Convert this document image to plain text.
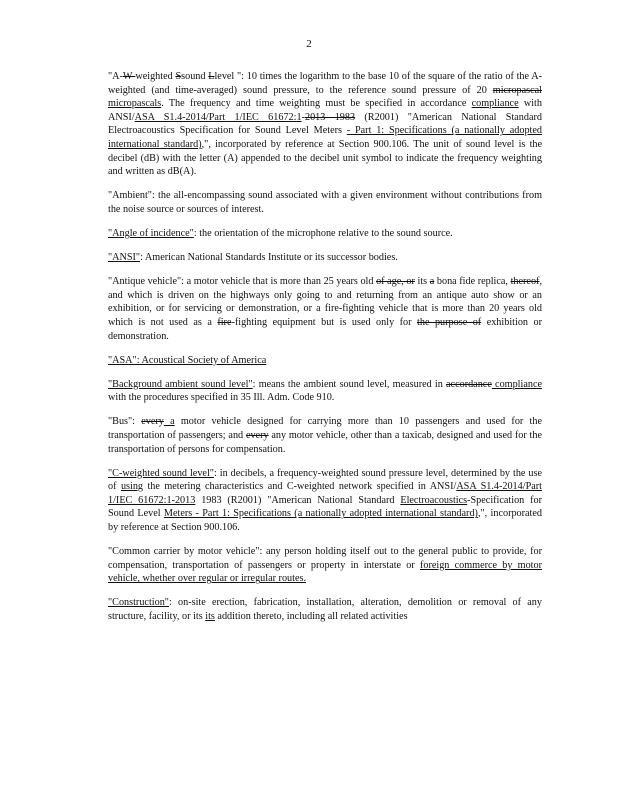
2

"A-W-weighted Ssound Llevel ": 10 times the logarithm to the base 10 of the square of the ratio of the A-weighted (and time-averaged) sound pressure, to the reference sound pressure of 20 micropascal micropascals. The frequency and time weighting must be specified in accordance compliance with ANSI/ASA S1.4-2014/Part 1/IEC 61672:1-2013 1983 (R2001) "American National Standard Electroacoustics Specification for Sound Level Meters - Part 1: Specifications (a nationally adopted international standard),", incorporated by reference at Section 900.106. The unit of sound level is the decibel (dB) with the letter (A) appended to the decibel unit symbol to indicate the frequency weighting and written as dB(A).

"Ambient": the all-encompassing sound associated with a given environment without contributions from the noise source or sources of interest.

"Angle of incidence": the orientation of the microphone relative to the sound source.

"ANSI": American National Standards Institute or its successor bodies.

"Antique vehicle": a motor vehicle that is more than 25 years old of age, or its a bona fide replica, thereof, and which is driven on the highways only going to and returning from an antique auto show or an exhibition, or for servicing or demonstration, or a fire-fighting vehicle that is more than 20 years old which is not used as a fire-fighting equipment but is used only for the purpose of exhibition or demonstration.

"ASA": Acoustical Society of America

"Background ambient sound level": means the ambient sound level, measured in accordance compliance with the procedures specified in 35 Ill. Adm. Code 910.

"Bus": every a motor vehicle designed for carrying more than 10 passengers and used for the transportation of passengers; and every any motor vehicle, other than a taxicab, designed and used for the transportation of persons for compensation.

"C-weighted sound level": in decibels, a frequency-weighted sound pressure level, determined by the use of using the metering characteristics and C-weighted network specified in ANSI/ASA S1.4-2014/Part 1/IEC 61672:1-2013 1983 (R2001) "American National Standard Electroacoustics-Specification for Sound Level Meters - Part 1: Specifications (a nationally adopted international standard),", incorporated by reference at Section 900.106.

"Common carrier by motor vehicle": any person holding itself out to the general public to provide, for compensation, transportation of passengers or property in interstate or foreign commerce by motor vehicle, whether over regular or irregular routes.

"Construction": on-site erection, fabrication, installation, alteration, demolition or removal of any structure, facility, or its its addition thereto, including all related activities
